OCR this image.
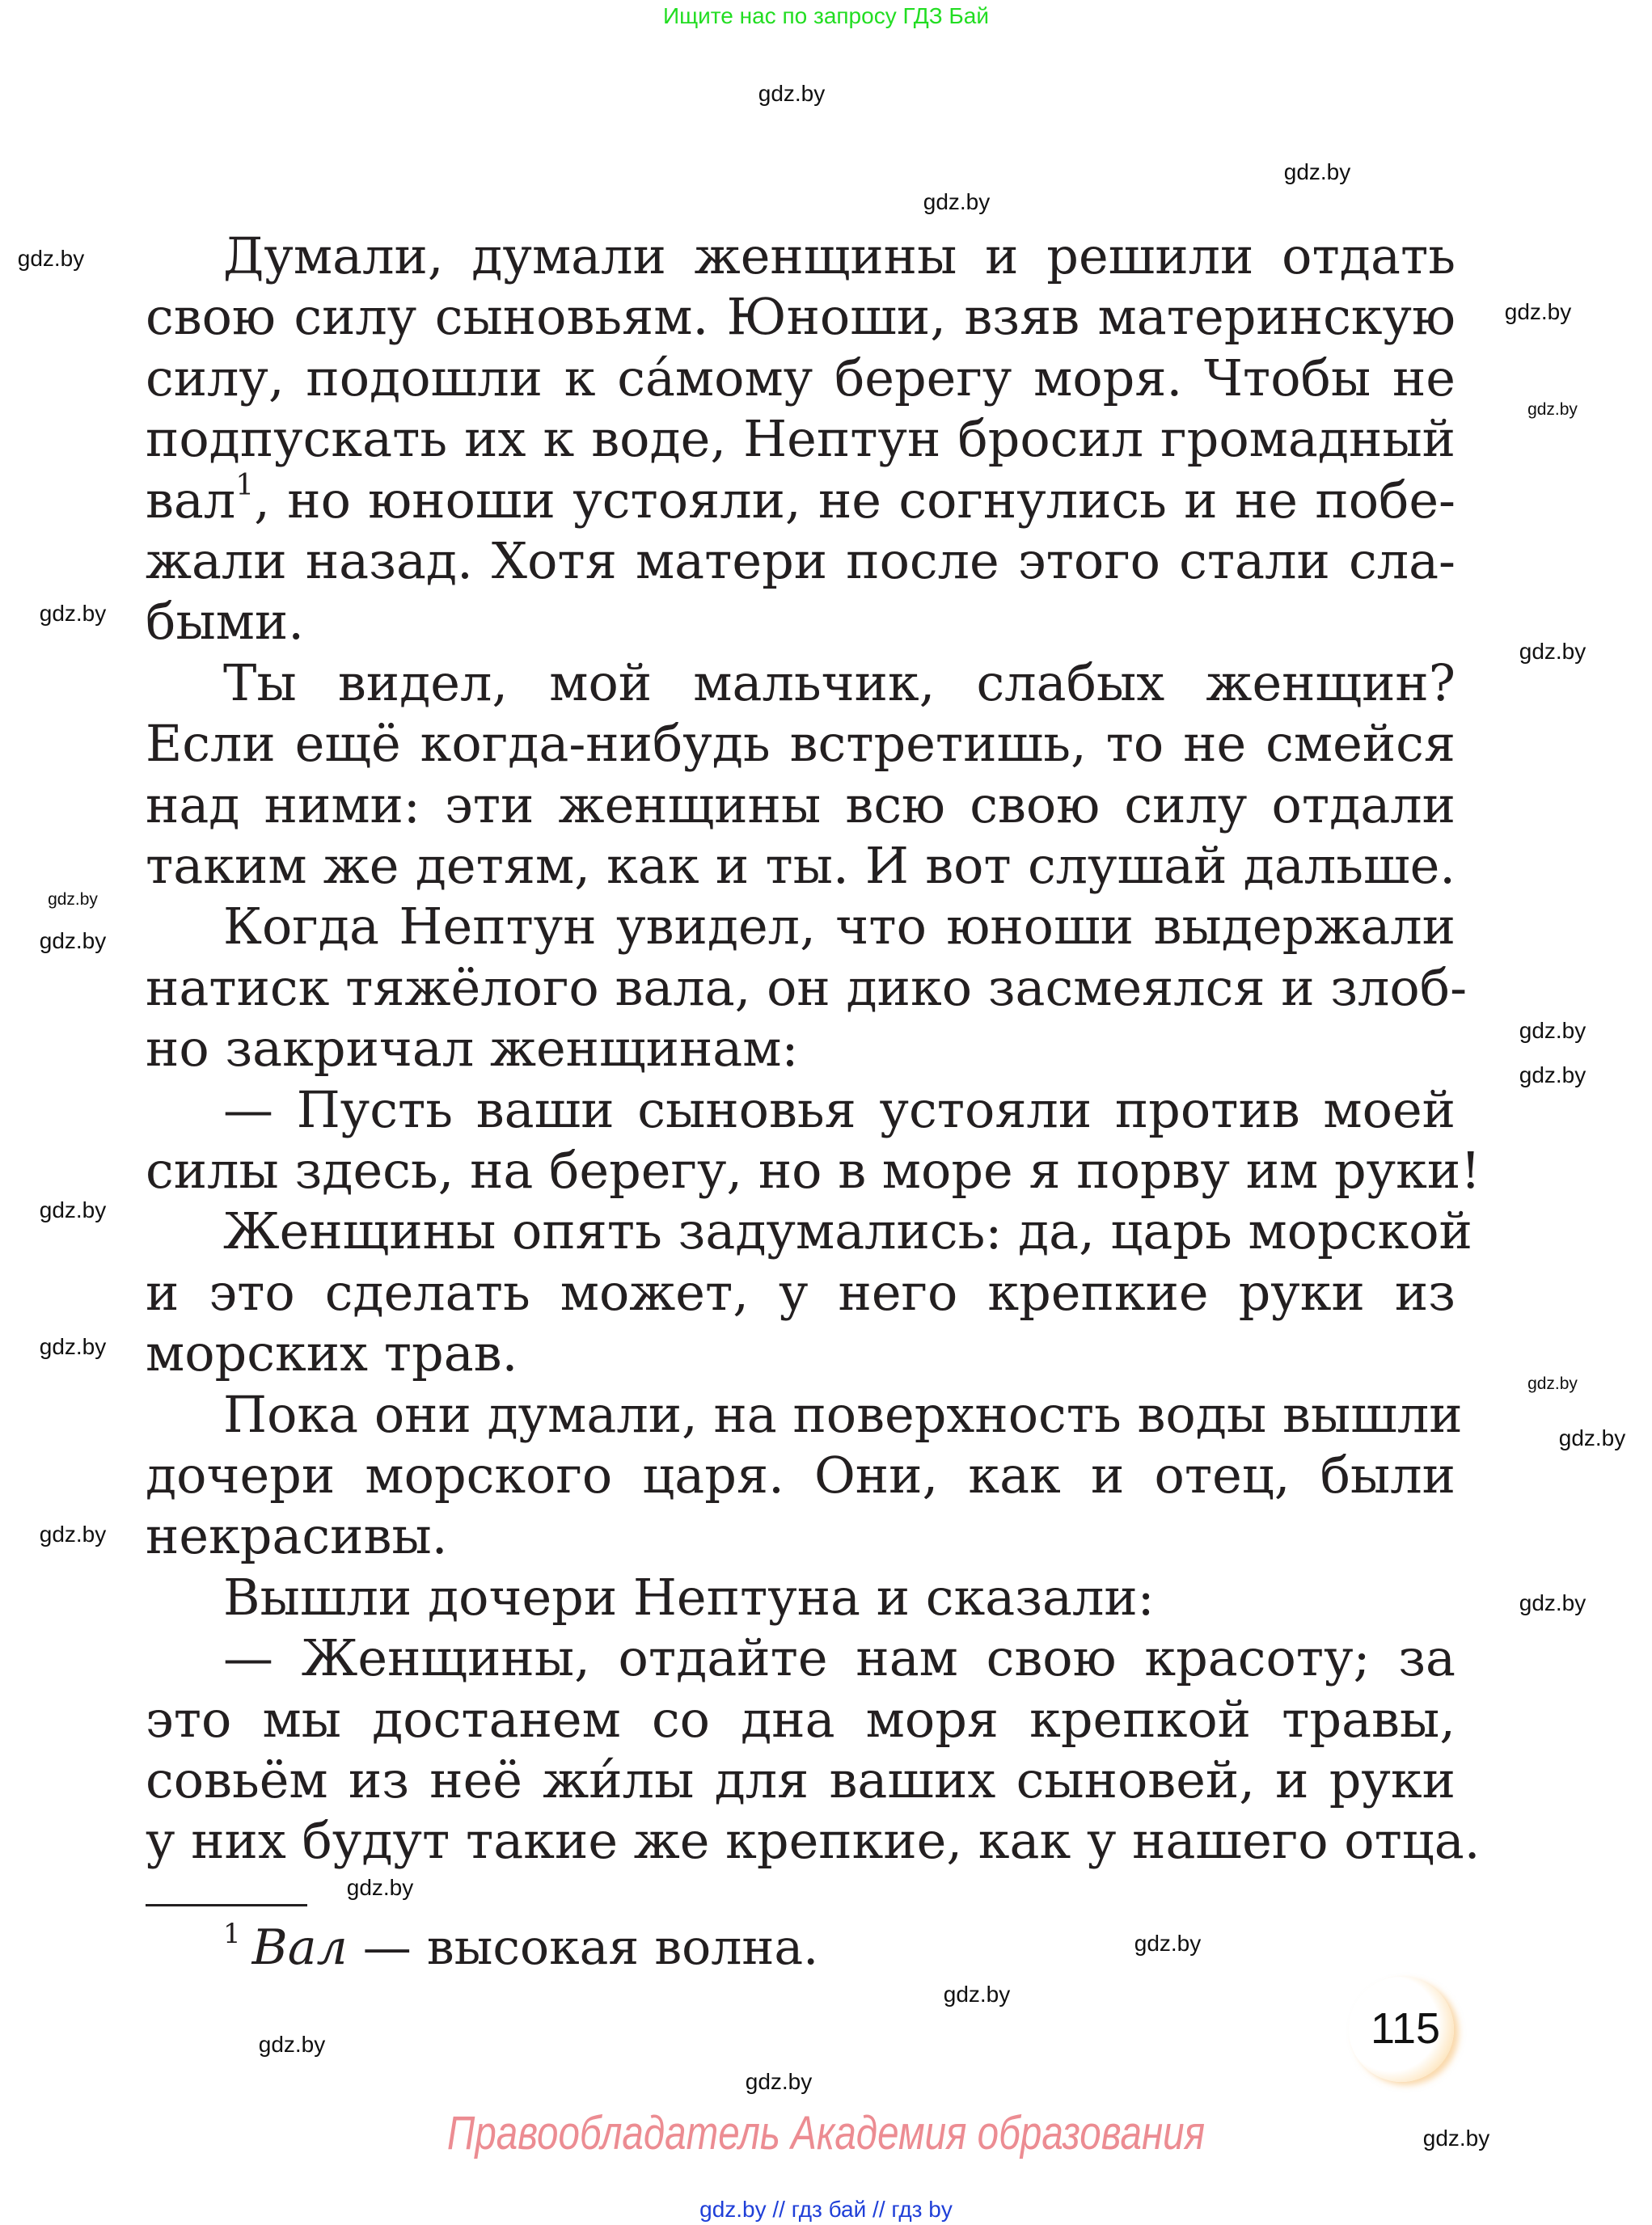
Ищите нас по запросу ГДЗ Бай
Думали, думали женщины и решили отдать
свою силу сыновьям. Юноши, взяв материнскую
силу, подошли к са́мому берегу моря. Чтобы не
подпускать их к воде, Нептун бросил громадный
вал$^1$, но юноши устояли, не согнулись и не побе-
жали назад. Хотя матери после этого стали сла-
быми.
Ты видел, мой мальчик, слабых женщин?
Если ещё когда-нибудь встретишь, то не смейся
над ними: эти женщины всю свою силу отдали
таким же детям, как и ты. И вот слушай дальше.
Когда Нептун увидел, что юноши выдержали
натиск тяжёлого вала, он дико засмеялся и злоб-
но закричал женщинам:
— Пусть ваши сыновья устояли против моей
силы здесь, на берегу, но в море я порву им руки!
Женщины опять задумались: да, царь морской
и это сделать может, у него крепкие руки из
морских трав.
Пока они думали, на поверхность воды вышли
дочери морского царя. Они, как и отец, были
некрасивы.
Вышли дочери Нептуна и сказали:
— Женщины, отдайте нам свою красоту; за
это мы достанем со дна моря крепкой травы,
совьём из неё жи́лы для ваших сыновей, и руки
у них будут такие же крепкие, как у нашего отца.
gdz.by
gdz.by
gdz.by
gdz.by
gdz.by
gdz.by
gdz.by
gdz.by
gdz.by
gdz.by
gdz.by
gdz.by
gdz.by
gdz.by
gdz.by
gdz.by
gdz.by
gdz.by
gdz.by
gdz.by
gdz.by
gdz.by
gdz.by
gdz.by
$^1$ Вал — высокая волна.
115
Правообладатель Академия образования
gdz.by // гдз бай // гдз by
